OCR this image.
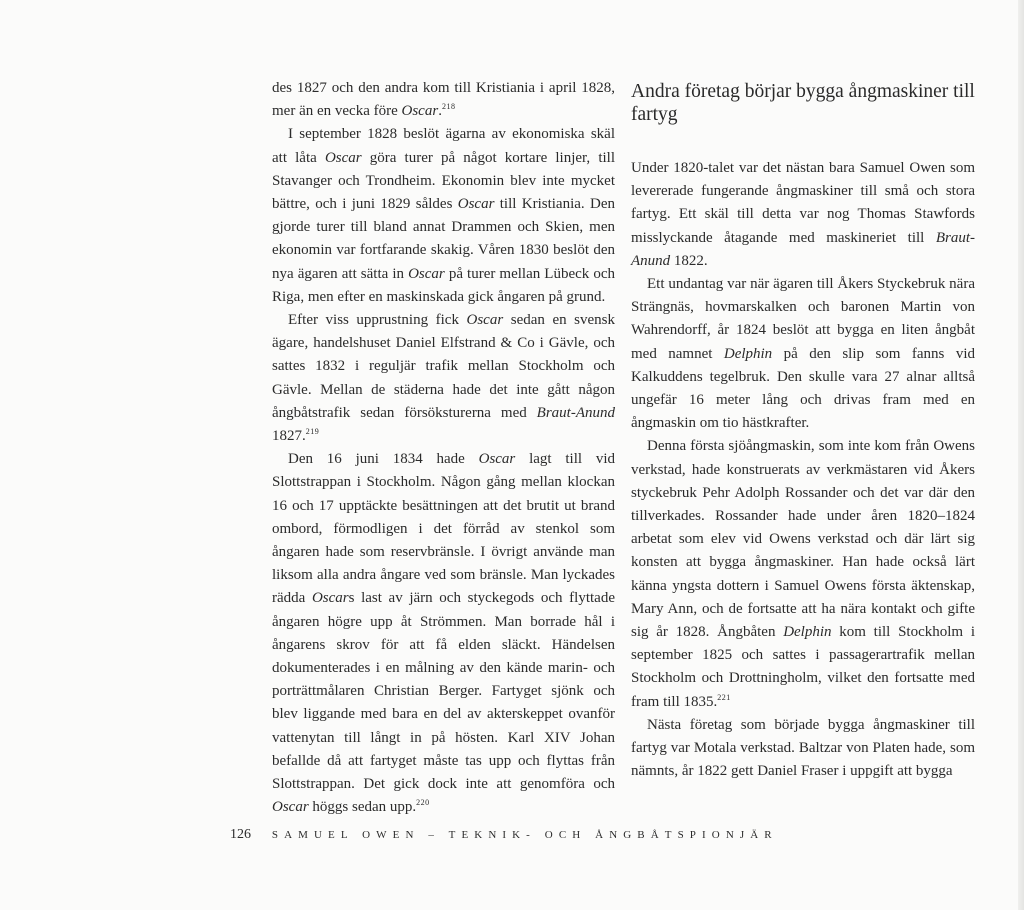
des 1827 och den andra kom till Kristiania i april 1828, mer än en vecka före Oscar.$^{218}$

I september 1828 beslöt ägarna av ekonomiska skäl att låta Oscar göra turer på något kortare linjer, till Stavanger och Trondheim. Ekonomin blev inte mycket bättre, och i juni 1829 såldes Oscar till Kristiania. Den gjorde turer till bland annat Drammen och Skien, men ekonomin var fortfarande skakig. Våren 1830 beslöt den nya ägaren att sätta in Oscar på turer mellan Lübeck och Riga, men efter en maskinskada gick ångaren på grund.

Efter viss upprustning fick Oscar sedan en svensk ägare, handelshuset Daniel Elfstrand & Co i Gävle, och sattes 1832 i reguljär trafik mellan Stockholm och Gävle. Mellan de städerna hade det inte gått någon ångbåtstrafik sedan försöksturerna med Braut-Anund 1827.$^{219}$

Den 16 juni 1834 hade Oscar lagt till vid Slottstrappan i Stockholm. Någon gång mellan klockan 16 och 17 upptäckte besättningen att det brutit ut brand ombord, förmodligen i det förråd av stenkol som ångaren hade som reservbränsle. I övrigt använde man liksom alla andra ångare ved som bränsle. Man lyckades rädda Oscars last av järn och styckegods och flyttade ångaren högre upp åt Strömmen. Man borrade hål i ångarens skrov för att få elden släckt. Händelsen dokumenterades i en målning av den kände marin- och porträttmålaren Christian Berger. Fartyget sjönk och blev liggande med bara en del av akterskeppet ovanför vattenytan till långt in på hösten. Karl XIV Johan befallde då att fartyget måste tas upp och flyttas från Slottstrappan. Det gick dock inte att genomföra och Oscar höggs sedan upp.$^{220}$

Andra företag börjar bygga ångmaskiner till fartyg

Under 1820-talet var det nästan bara Samuel Owen som levererade fungerande ångmaskiner till små och stora fartyg. Ett skäl till detta var nog Thomas Stawfords misslyckande åtagande med maskineriet till Braut-Anund 1822.

Ett undantag var när ägaren till Åkers Styckebruk nära Strängnäs, hovmarskalken och baronen Martin von Wahrendorff, år 1824 beslöt att bygga en liten ångbåt med namnet Delphin på den slip som fanns vid Kalkuddens tegelbruk. Den skulle vara 27 alnar alltså ungefär 16 meter lång och drivas fram med en ångmaskin om tio hästkrafter.

Denna första sjöångmaskin, som inte kom från Owens verkstad, hade konstruerats av verkmästaren vid Åkers styckebruk Pehr Adolph Rossander och det var där den tillverkades. Rossander hade under åren 1820–1824 arbetat som elev vid Owens verkstad och där lärt sig konsten att bygga ångmaskiner. Han hade också lärt känna yngsta dottern i Samuel Owens första äktenskap, Mary Ann, och de fortsatte att ha nära kontakt och gifte sig år 1828. Ångbåten Delphin kom till Stockholm i september 1825 och sattes i passagerartrafik mellan Stockholm och Drottningholm, vilket den fortsatte med fram till 1835.$^{221}$

Nästa företag som började bygga ångmaskiner till fartyg var Motala verkstad. Baltzar von Platen hade, som nämnts, år 1822 gett Daniel Fraser i uppgift att bygga

126 SAMUEL OWEN – TEKNIK- OCH ÅNGBÅTSPIONJÄR
